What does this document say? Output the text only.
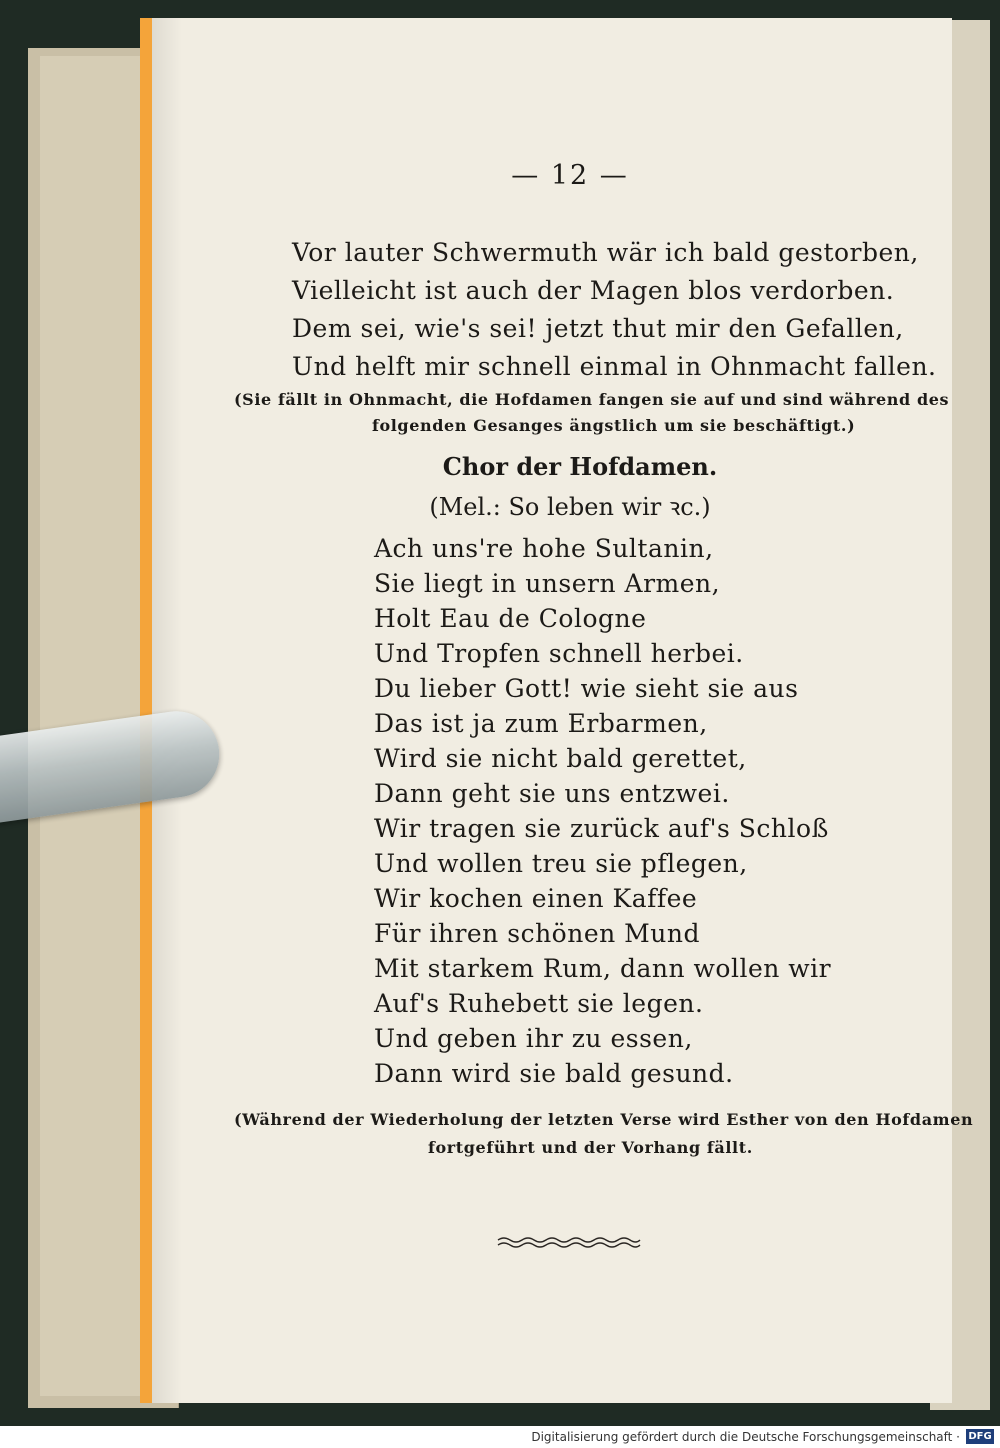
— 12 —
Vor lauter Schwermuth wär ich bald gestorben,
Vielleicht ist auch der Magen blos verdorben.
Dem sei, wie's sei! jetzt thut mir den Gefallen,
Und helft mir schnell einmal in Ohnmacht fallen.
(Sie fällt in Ohnmacht, die Hofdamen fangen sie auf und sind während des
folgenden Gesanges ängstlich um sie beschäftigt.)
Chor der Hofdamen.
(Mel.: So leben wir ꝛc.)
Ach uns're hohe Sultanin,
Sie liegt in unsern Armen,
Holt Eau de Cologne
Und Tropfen schnell herbei.
Du lieber Gott! wie sieht sie aus
Das ist ja zum Erbarmen,
Wird sie nicht bald gerettet,
Dann geht sie uns entzwei.
Wir tragen sie zurück auf's Schloß
Und wollen treu sie pflegen,
Wir kochen einen Kaffee
Für ihren schönen Mund
Mit starkem Rum, dann wollen wir
Auf's Ruhebett sie legen.
Und geben ihr zu essen,
Dann wird sie bald gesund.
(Während der Wiederholung der letzten Verse wird Esther von den Hofdamen
fortgeführt und der Vorhang fällt.
Digitalisierung gefördert durch die Deutsche Forschungsgemeinschaft · DFG
